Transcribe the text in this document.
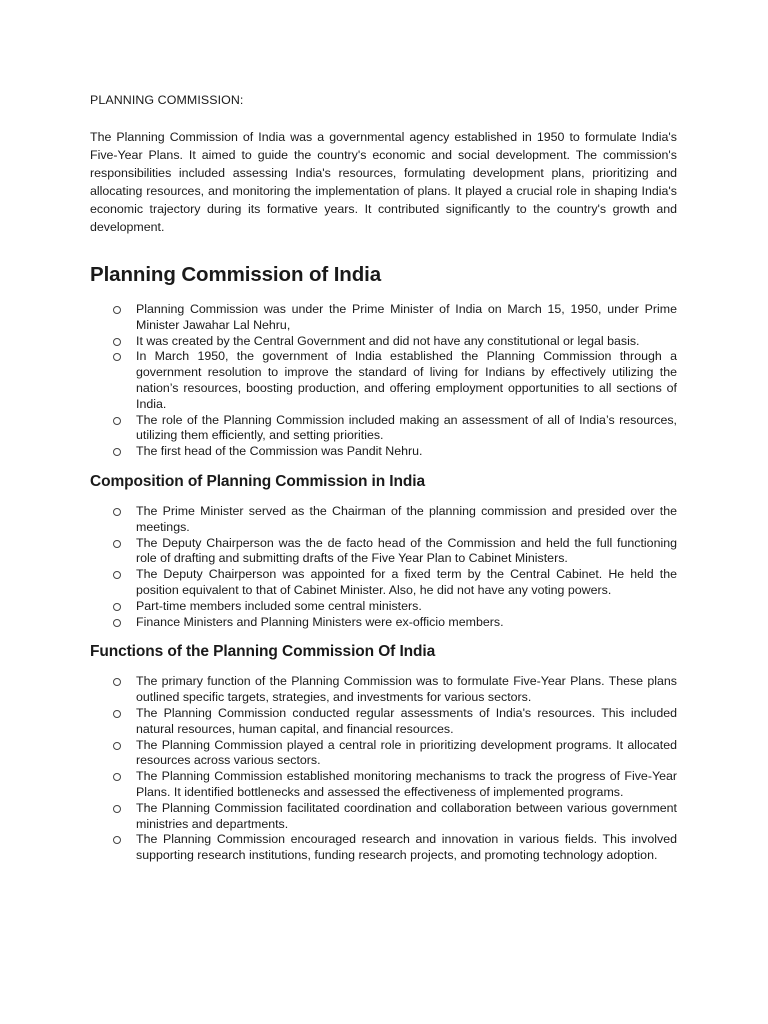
PLANNING COMMISSION:

The Planning Commission of India was a governmental agency established in 1950 to formulate India's Five-Year Plans. It aimed to guide the country's economic and social development. The commission's responsibilities included assessing India's resources, formulating development plans, prioritizing and allocating resources, and monitoring the implementation of plans. It played a crucial role in shaping India's economic trajectory during its formative years. It contributed significantly to the country's growth and development.

Planning Commission of India
Planning Commission was under the Prime Minister of India on March 15, 1950, under Prime Minister Jawahar Lal Nehru,
It was created by the Central Government and did not have any constitutional or legal basis.
In March 1950, the government of India established the Planning Commission through a government resolution to improve the standard of living for Indians by effectively utilizing the nation’s resources, boosting production, and offering employment opportunities to all sections of India.
The role of the Planning Commission included making an assessment of all of India’s resources, utilizing them efficiently, and setting priorities.
The first head of the Commission was Pandit Nehru.
Composition of Planning Commission in India
The Prime Minister served as the Chairman of the planning commission and presided over the meetings.
The Deputy Chairperson was the de facto head of the Commission and held the full functioning role of drafting and submitting drafts of the Five Year Plan to Cabinet Ministers.
The Deputy Chairperson was appointed for a fixed term by the Central Cabinet. He held the position equivalent to that of Cabinet Minister. Also, he did not have any voting powers.
Part-time members included some central ministers.
Finance Ministers and Planning Ministers were ex-officio members.
Functions of the Planning Commission Of India
The primary function of the Planning Commission was to formulate Five-Year Plans. These plans outlined specific targets, strategies, and investments for various sectors.
The Planning Commission conducted regular assessments of India's resources. This included natural resources, human capital, and financial resources.
The Planning Commission played a central role in prioritizing development programs. It allocated resources across various sectors.
The Planning Commission established monitoring mechanisms to track the progress of Five-Year Plans. It identified bottlenecks and assessed the effectiveness of implemented programs.
The Planning Commission facilitated coordination and collaboration between various government ministries and departments.
The Planning Commission encouraged research and innovation in various fields. This involved supporting research institutions, funding research projects, and promoting technology adoption.
